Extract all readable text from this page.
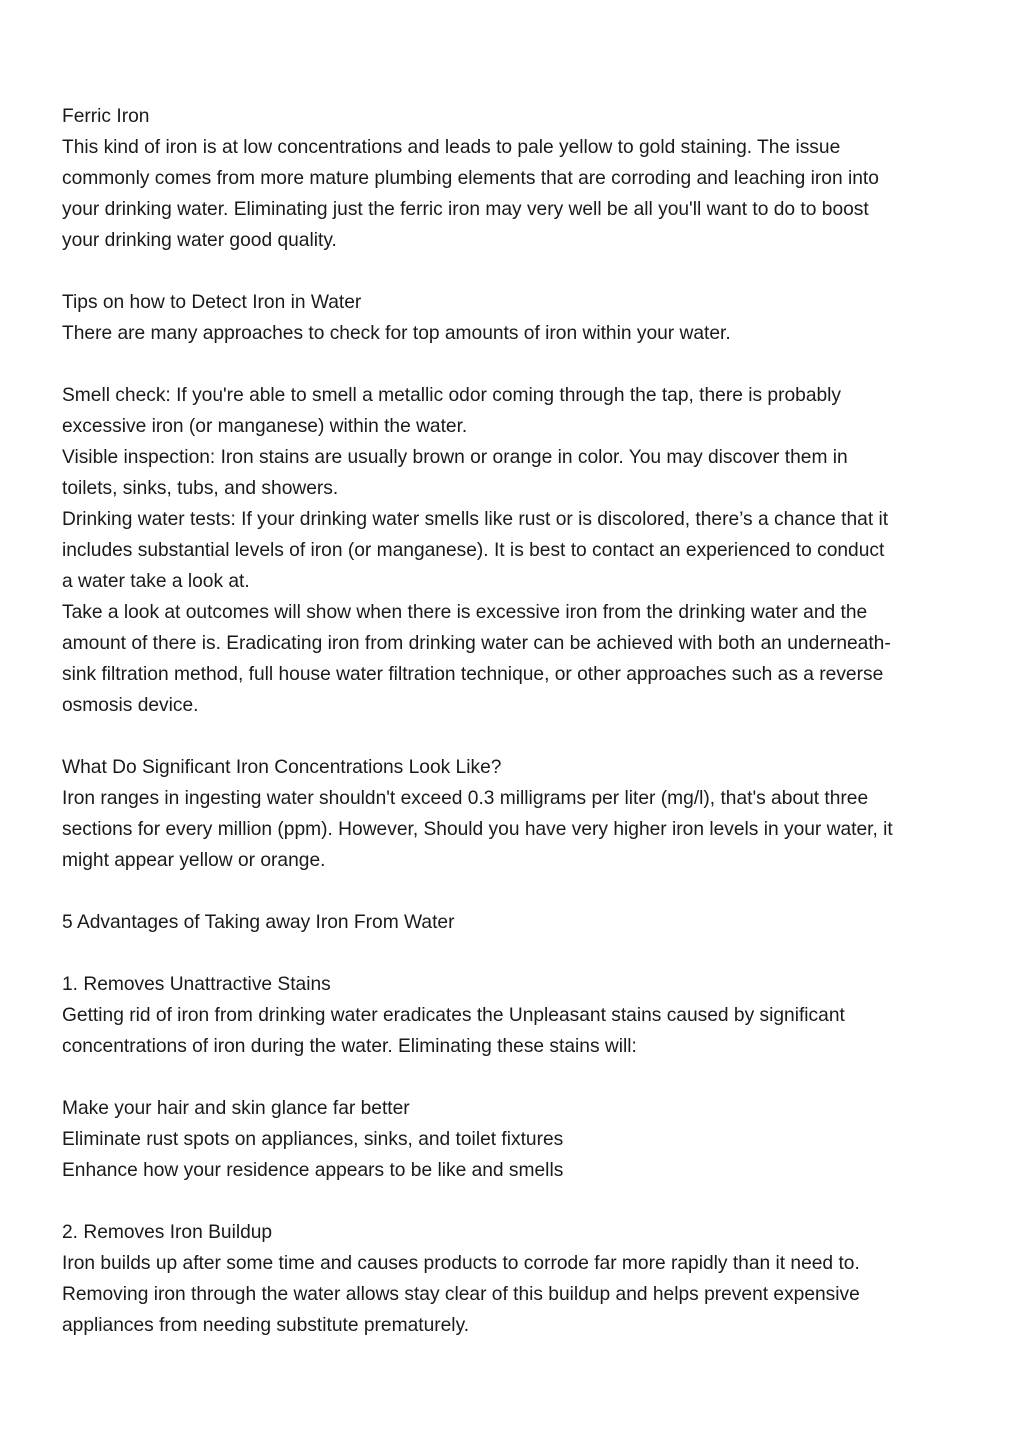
Ferric Iron
This kind of iron is at low concentrations and leads to pale yellow to gold staining. The issue
commonly comes from more mature plumbing elements that are corroding and leaching iron into
your drinking water. Eliminating just the ferric iron may very well be all you'll want to do to boost
your drinking water good quality.
Tips on how to Detect Iron in Water
There are many approaches to check for top amounts of iron within your water.
Smell check: If you're able to smell a metallic odor coming through the tap, there is probably
excessive iron (or manganese) within the water.
Visible inspection: Iron stains are usually brown or orange in color. You may discover them in
toilets, sinks, tubs, and showers.
Drinking water tests: If your drinking water smells like rust or is discolored, there’s a chance that it
includes substantial levels of iron (or manganese). It is best to contact an experienced to conduct
a water take a look at.
Take a look at outcomes will show when there is excessive iron from the drinking water and the
amount of there is. Eradicating iron from drinking water can be achieved with both an underneath-
sink filtration method, full house water filtration technique, or other approaches such as a reverse
osmosis device.
What Do Significant Iron Concentrations Look Like?
Iron ranges in ingesting water shouldn't exceed 0.3 milligrams per liter (mg/l), that's about three
sections for every million (ppm). However, Should you have very higher iron levels in your water, it
might appear yellow or orange.
5 Advantages of Taking away Iron From Water
1. Removes Unattractive Stains
Getting rid of iron from drinking water eradicates the Unpleasant stains caused by significant
concentrations of iron during the water. Eliminating these stains will:
Make your hair and skin glance far better
Eliminate rust spots on appliances, sinks, and toilet fixtures
Enhance how your residence appears to be like and smells
2. Removes Iron Buildup
Iron builds up after some time and causes products to corrode far more rapidly than it need to.
Removing iron through the water allows stay clear of this buildup and helps prevent expensive
appliances from needing substitute prematurely.
